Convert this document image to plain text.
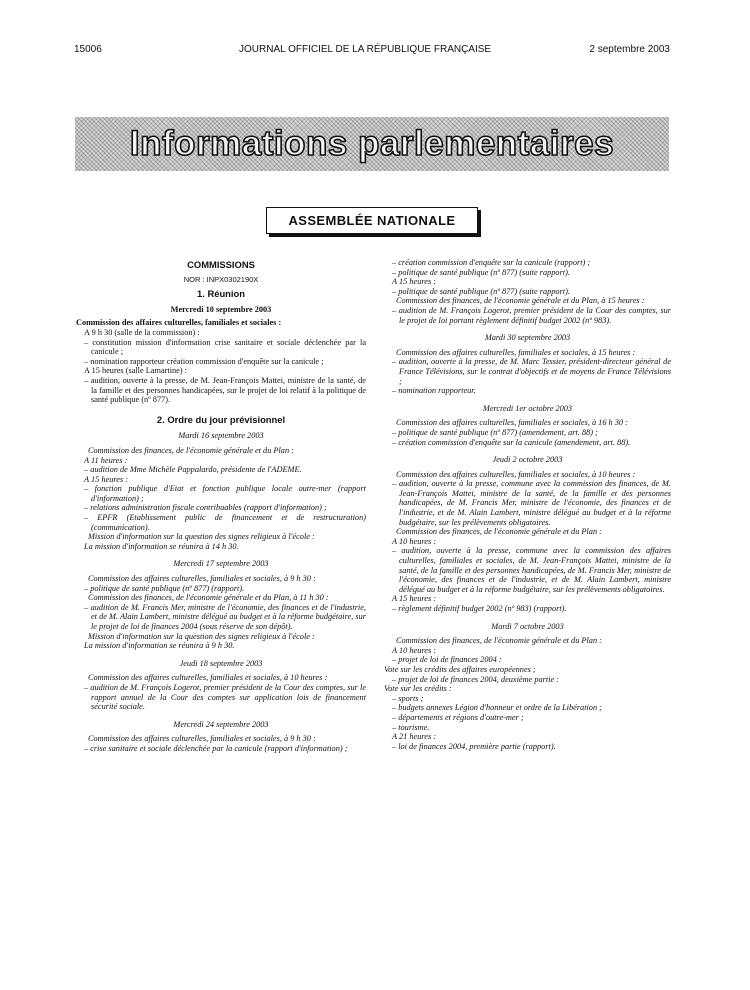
15006	JOURNAL OFFICIEL DE LA RÉPUBLIQUE FRANÇAISE	2 septembre 2003
Informations parlementaires
ASSEMBLÉE NATIONALE

COMMISSIONS

NOR : INPX0302190X

1. Réunion

Mercredi 10 septembre 2003

Commission des affaires culturelles, familiales et sociales :

A 9 h 30 (salle de la commission) :

– constitution mission d'information crise sanitaire et sociale déclenchée par la canicule ;

– nomination rapporteur création commission d'enquête sur la canicule ;

A 15 heures (salle Lamartine) :

– audition, ouverte à la presse, de M. Jean-François Mattei, ministre de la santé, de la famille et des personnes handicapées, sur le projet de loi relatif à la politique de santé publique (nº 877).

2. Ordre du jour prévisionnel

Mardi 16 septembre 2003

Commission des finances, de l'économie générale et du Plan :

A 11 heures :

– audition de Mme Michèle Pappalardo, présidente de l'ADEME.

A 15 heures :

– fonction publique d'Etat et fonction publique locale outre-mer (rapport d'information) ;

– relations administration fiscale contribuables (rapport d'information) ;

– EPFR (Etablissement public de financement et de restructuration) (communication).

Mission d'information sur la question des signes religieux à l'école :

La mission d'information se réunira à 14 h 30.

Mercredi 17 septembre 2003

Commission des affaires culturelles, familiales et sociales, à 9 h 30 :

– politique de santé publique (nº 877) (rapport).

Commission des finances, de l'économie générale et du Plan, à 11 h 30 :

– audition de M. Francis Mer, ministre de l'économie, des finances et de l'industrie, et de M. Alain Lambert, ministre délégué au budget et à la réforme budgétaire, sur le projet de loi de finances 2004 (sous réserve de son dépôt).

Mission d'information sur la question des signes religieux à l'école :

La mission d'information se réunira à 9 h 30.

Jeudi 18 septembre 2003

Commission des affaires culturelles, familiales et sociales, à 10 heures :

– audition de M. François Logerot, premier président de la Cour des comptes, sur le rapport annuel de la Cour des comptes sur application lois de financement sécurité sociale.

Mercredi 24 septembre 2003

Commission des affaires culturelles, familiales et sociales, à 9 h 30 :

– crise sanitaire et sociale déclenchée par la canicule (rapport d'information) ;

– création commission d'enquête sur la canicule (rapport) ;

– politique de santé publique (nº 877) (suite rapport).

A 15 heures :

– politique de santé publique (nº 877) (suite rapport).

Commission des finances, de l'économie générale et du Plan, à 15 heures :

– audition de M. François Logerot, premier président de la Cour des comptes, sur le projet de loi portant règlement définitif budget 2002 (nº 983).

Mardi 30 septembre 2003

Commission des affaires culturelles, familiales et sociales, à 15 heures :

– audition, ouverte à la presse, de M. Marc Tessier, président-directeur général de France Télévisions, sur le contrat d'objectifs et de moyens de France Télévisions ;

– nomination rapporteur.

Mercredi 1er octobre 2003

Commission des affaires culturelles, familiales et sociales, à 16 h 30 :

– politique de santé publique (nº 877) (amendement, art. 88) ;

– création commission d'enquête sur la canicule (amendement, art. 88).

Jeudi 2 octobre 2003

Commission des affaires culturelles, familiales et sociales, à 10 heures :

– audition, ouverte à la presse, commune avec la commission des finances, de M. Jean-François Mattei, ministre de la santé, de la famille et des personnes handicapées, de M. Francis Mer, ministre de l'économie, des finances et de l'industrie, et de M. Alain Lambert, ministre délégué au budget et à la réforme budgétaire, sur les prélèvements obligatoires.

Commission des finances, de l'économie générale et du Plan :

A 10 heures :

– audition, ouverte à la presse, commune avec la commission des affaires culturelles, familiales et sociales, de M. Jean-François Mattei, ministre de la santé, de la famille et des personnes handicapées, de M. Francis Mer, ministre de l'économie, des finances et de l'industrie, et de M. Alain Lambert, ministre délégué au budget et à la réforme budgétaire, sur les prélèvements obligatoires.

A 15 heures :

– règlement définitif budget 2002 (nº 983) (rapport).

Mardi 7 octobre 2003

Commission des finances, de l'économie générale et du Plan :

A 10 heures :

– projet de loi de finances 2004 :

Vote sur les crédits des affaires européennes ;

– projet de loi de finances 2004, deuxième partie :

Vote sur les crédits :

– sports ;

– budgets annexes Légion d'honneur et ordre de la Libération ;

– départements et régions d'outre-mer ;

– tourisme.

A 21 heures :

– loi de finances 2004, première partie (rapport).
